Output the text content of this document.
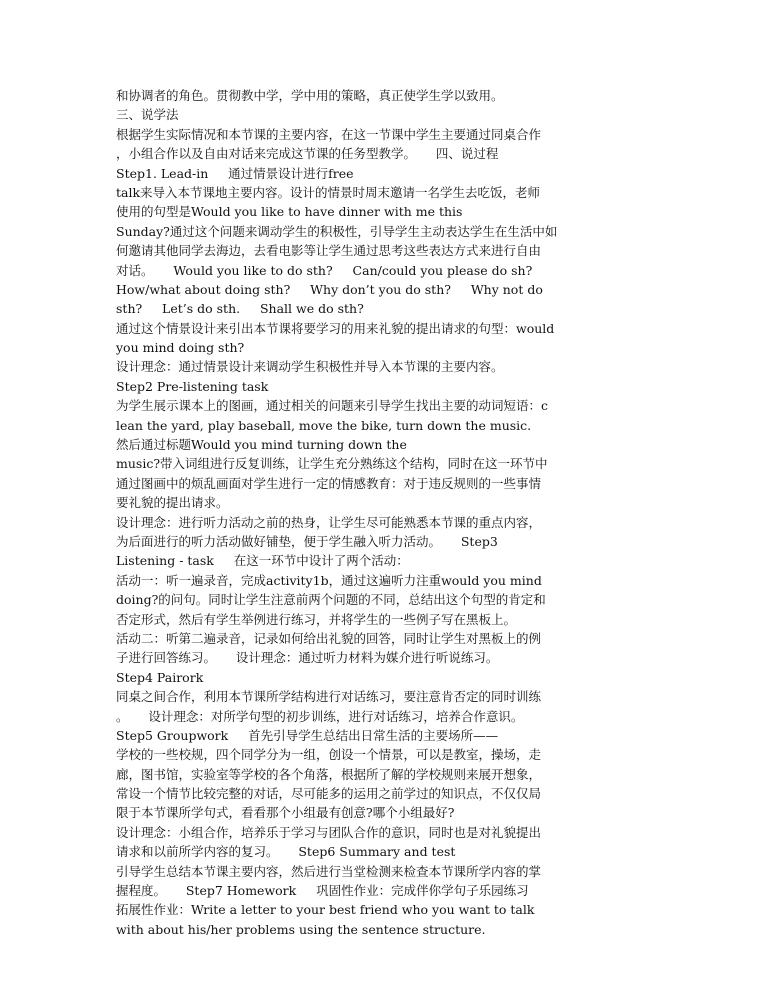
和协调者的角色。贯彻教中学，学中用的策略，真正使学生学以致用。
三、说学法
根据学生实际情况和本节课的主要内容，在这一节课中学生主要通过同桌合作
，小组合作以及自由对话来完成这节课的任务型教学。     四、说过程
Step1. Lead-in     通过情景设计进行free
talk来导入本节课地主要内容。设计的情景时周末邀请一名学生去吃饭，老师
使用的句型是Would you like to have dinner with me this
Sunday?通过这个问题来调动学生的积极性，引导学生主动表达学生在生活中如
何邀请其他同学去海边，去看电影等让学生通过思考这些表达方式来进行自由
对话。     Would you like to do sth?     Can/could you please do sh?
How/what about doing sth?     Why don’t you do sth?     Why not do
sth?     Let’s do sth.     Shall we do sth?
通过这个情景设计来引出本节课将要学习的用来礼貌的提出请求的句型：would
you mind doing sth?
设计理念：通过情景设计来调动学生积极性并导入本节课的主要内容。
Step2 Pre-listening task
为学生展示课本上的图画，通过相关的问题来引导学生找出主要的动词短语：c
lean the yard, play baseball, move the bike, turn down the music.
然后通过标题Would you mind turning down the
music?带入词组进行反复训练，让学生充分熟练这个结构，同时在这一环节中
通过图画中的烦乱画面对学生进行一定的情感教育：对于违反规则的一些事情
要礼貌的提出请求。
设计理念：进行听力活动之前的热身，让学生尽可能熟悉本节课的重点内容，
为后面进行的听力活动做好铺垫，便于学生融入听力活动。     Step3
Listening - task     在这一环节中设计了两个活动：
活动一：听一遍录音，完成activity1b，通过这遍听力注重would you mind
doing?的问句。同时让学生注意前两个问题的不同，总结出这个句型的肯定和
否定形式，然后有学生举例进行练习，并将学生的一些例子写在黑板上。
活动二：听第二遍录音，记录如何给出礼貌的回答，同时让学生对黑板上的例
子进行回答练习。     设计理念：通过听力材料为媒介进行听说练习。
Step4 Pairork
同桌之间合作，利用本节课所学结构进行对话练习，要注意肯否定的同时训练
。     设计理念：对所学句型的初步训练，进行对话练习，培养合作意识。
Step5 Groupwork     首先引导学生总结出日常生活的主要场所——
学校的一些校规，四个同学分为一组，创设一个情景，可以是教室，操场，走
廊，图书馆，实验室等学校的各个角落，根据所了解的学校规则来展开想象，
常设一个情节比较完整的对话，尽可能多的运用之前学过的知识点，不仅仅局
限于本节课所学句式，看看那个小组最有创意?哪个小组最好?
设计理念：小组合作，培养乐于学习与团队合作的意识，同时也是对礼貌提出
请求和以前所学内容的复习。     Step6 Summary and test
引导学生总结本节课主要内容，然后进行当堂检测来检查本节课所学内容的掌
握程度。     Step7 Homework     巩固性作业：完成伴你学句子乐园练习
拓展性作业：Write a letter to your best friend who you want to talk
with about his/her problems using the sentence structure.
